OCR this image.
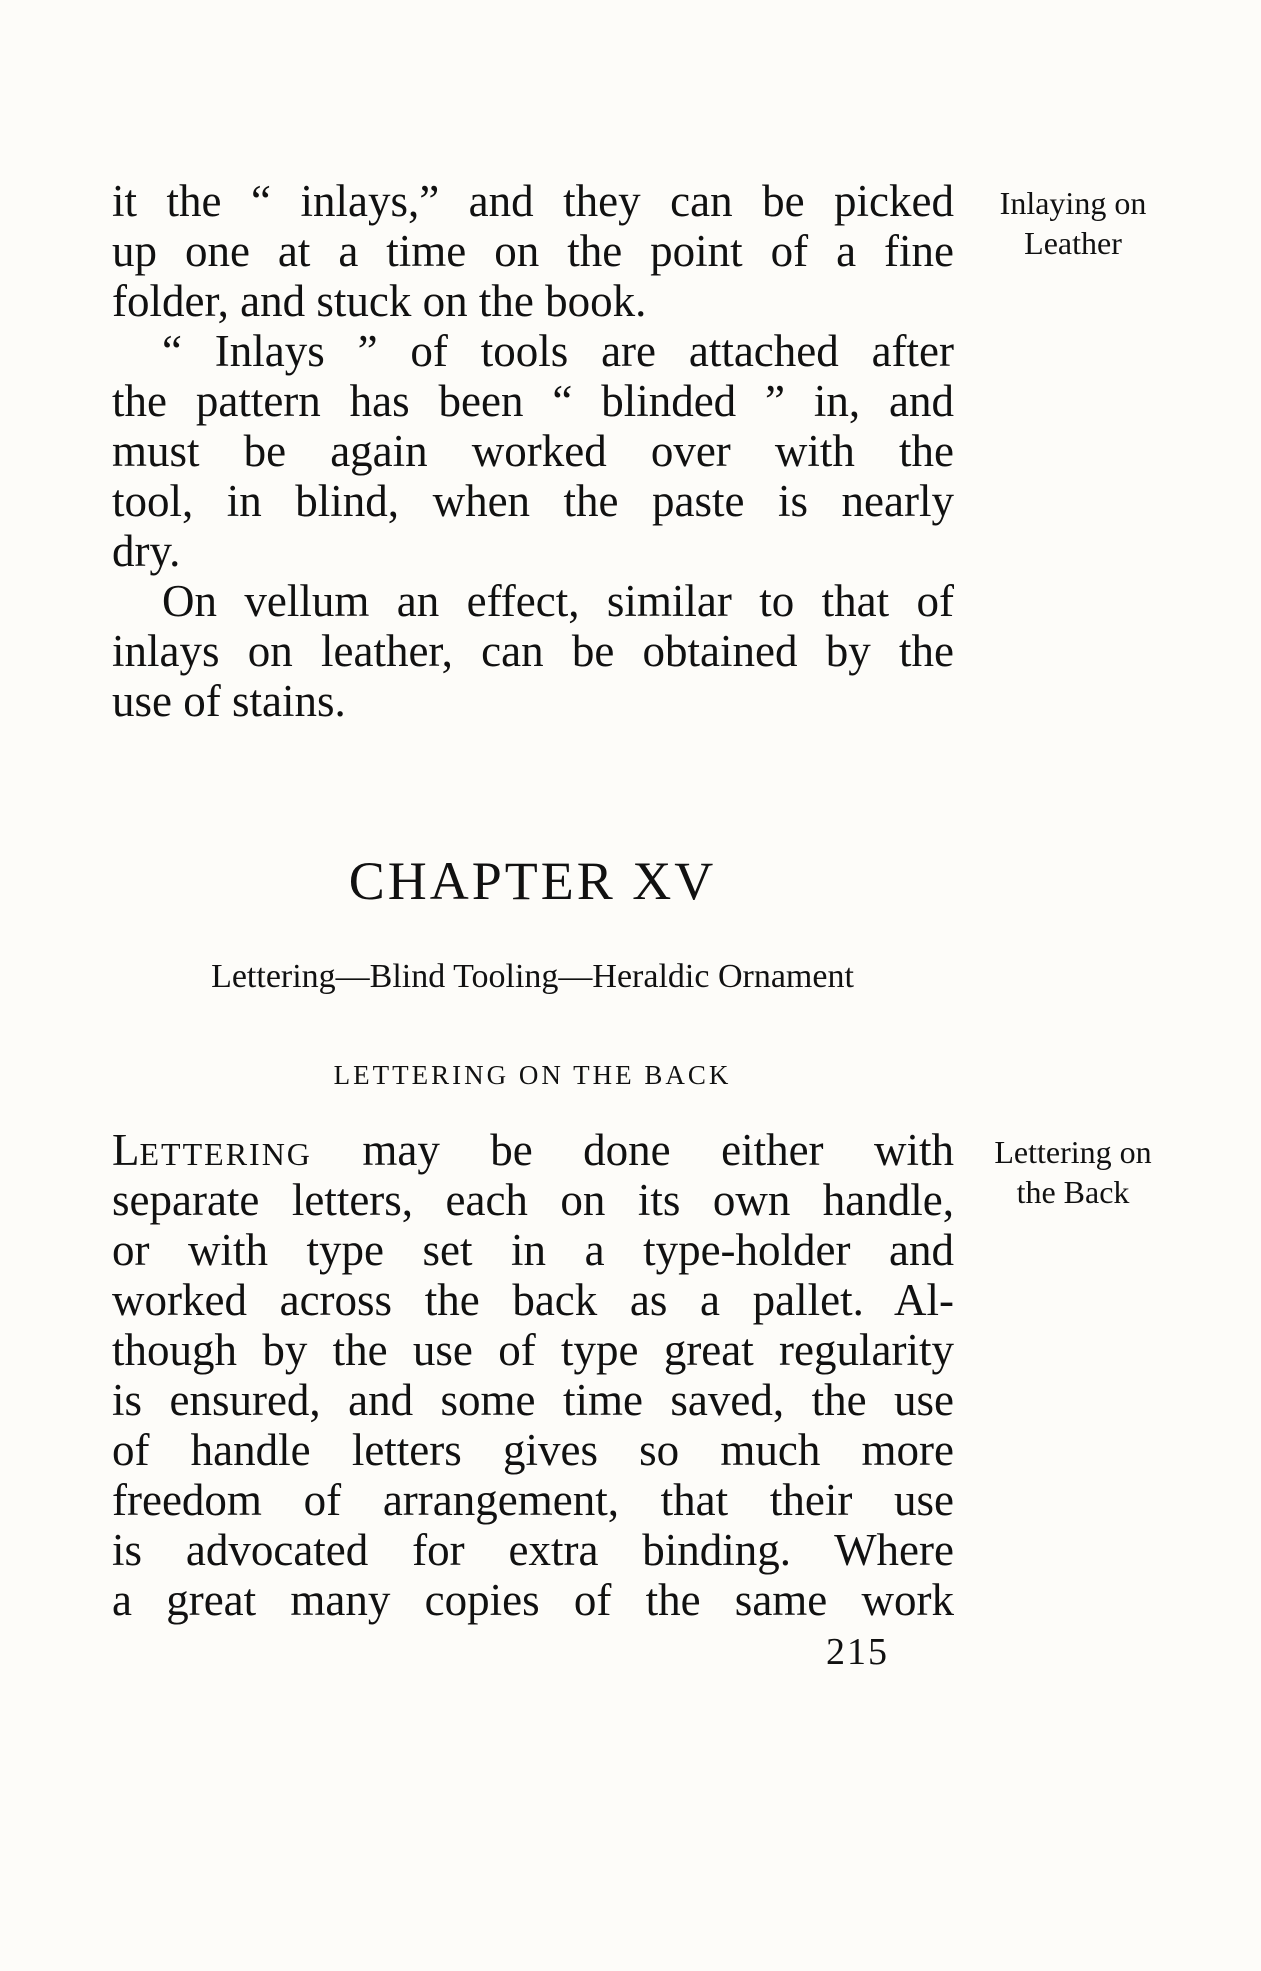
it the “ inlays,” and they can be picked
up one at a time on the point of a fine
folder, and stuck on the book.
“ Inlays ” of tools are attached after
the pattern has been “ blinded ” in, and
must be again worked over with the
tool, in blind, when the paste is nearly
dry.
On vellum an effect, similar to that of
inlays on leather, can be obtained by the
use of stains.
Inlaying on
Leather
CHAPTER XV
Lettering—Blind Tooling—Heraldic Ornament
LETTERING ON THE BACK
LETTERING may be done either with
separate letters, each on its own handle,
or with type set in a type-holder and
worked across the back as a pallet. Al-
though by the use of type great regularity
is ensured, and some time saved, the use
of handle letters gives so much more
freedom of arrangement, that their use
is advocated for extra binding. Where
a great many copies of the same work
Lettering on
the Back
215
